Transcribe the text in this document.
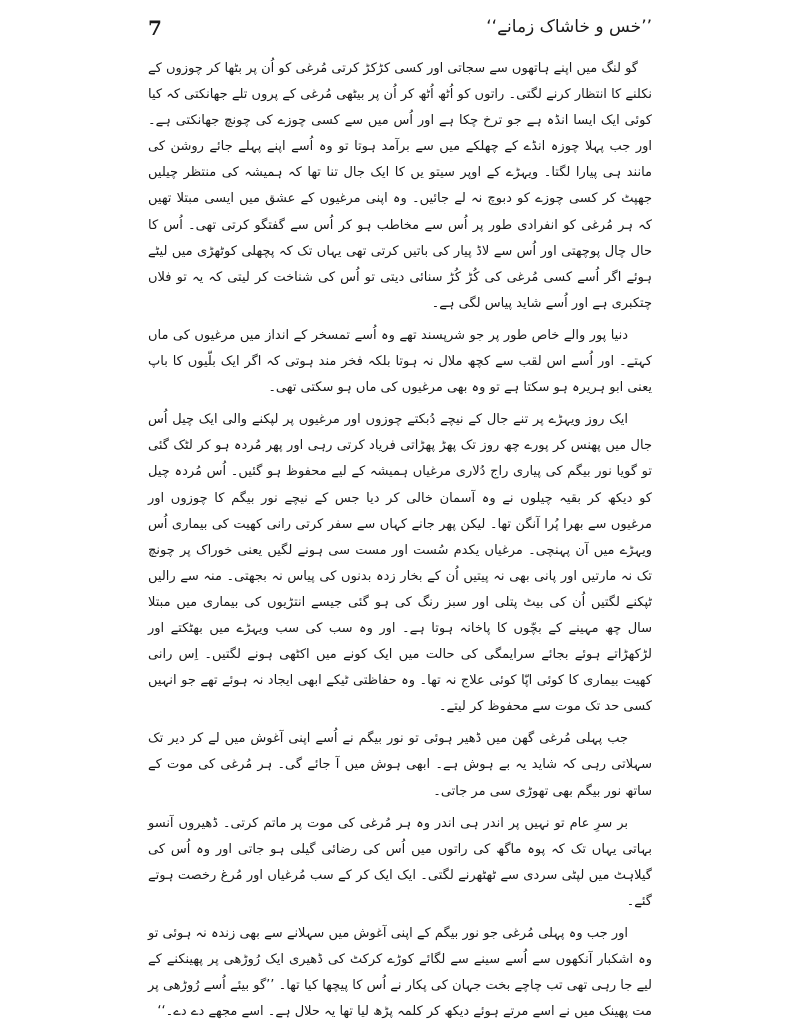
7	’’خس و خاشاک زمانے‘‘

گو لنگ میں اپنے ہاتھوں سے سجاتی اور کسی کڑکڑ کرتی مُرغی کو اُن پر بٹھا کر چوزوں کے نکلنے کا انتظار کرنے لگتی۔ راتوں کو اُٹھ اُٹھ کر اُن پر بیٹھی مُرغی کے پروں تلے جھانکتی کہ کیا کوئی ایک ایسا انڈہ ہے جو ترخ چکا ہے اور اُس میں سے کسی چوزے کی چونچ جھانکتی ہے۔ اور جب پہلا چوزہ انڈے کے چھلکے میں سے برآمد ہوتا تو وہ اُسے اپنے پہلے جائے روشن کی مانند ہی پیارا لگتا۔ ویہڑے کے اوپر سیتو یں کا ایک جال تنا تھا کہ ہمیشہ کی منتظر چیلیں جھپٹ کر کسی چوزے کو دبوچ نہ لے جائیں۔ وہ اپنی مرغیوں کے عشق میں ایسی مبتلا تھیں کہ ہر مُرغی کو انفرادی طور پر اُس سے مخاطب ہو کر اُس سے گفتگو کرتی تھی۔ اُس کا حال چال پوچھتی اور اُس سے لاڈ پیار کی باتیں کرتی تھی یہاں تک کہ پچھلی کوٹھڑی میں لیٹے ہوئے اگر اُسے کسی مُرغی کی کُڑ کُڑ سنائی دیتی تو اُس کی شناخت کر لیتی کہ یہ تو فلاں چتکبری ہے اور اُسے شاید پیاس لگی ہے۔

دنیا پور والے خاص طور پر جو شرپسند تھے وہ اُسے تمسخر کے انداز میں مرغیوں کی ماں کہتے۔ اور اُسے اس لقب سے کچھ ملال نہ ہوتا بلکہ فخر مند ہوتی کہ اگر ایک بلّیوں کا باپ یعنی ابو ہریرہ ہو سکتا ہے تو وہ بھی مرغیوں کی ماں ہو سکتی تھی۔

ایک روز ویہڑے پر تنے جال کے نیچے دُبکتے چوزوں اور مرغیوں پر لپکنے والی ایک چیل اُس جال میں پھنس کر پورے چھ روز تک پھڑ پھڑاتی فریاد کرتی رہی اور پھر مُردہ ہو کر لٹک گئی تو گویا نور بیگم کی پیاری راج دُلاری مرغیاں ہمیشہ کے لیے محفوظ ہو گئیں۔ اُس مُردہ چیل کو دیکھ کر بقیہ چیلوں نے وہ آسمان خالی کر دیا جس کے نیچے نور بیگم کا چوزوں اور مرغیوں سے بھرا پُرا آنگن تھا۔ لیکن پھر جانے کہاں سے سفر کرتی رانی کھیت کی بیماری اُس ویہڑے میں آن پہنچی۔ مرغیاں یکدم سُست اور مست سی ہونے لگیں یعنی خوراک پر چونچ تک نہ مارتیں اور پانی بھی نہ پیتیں اُن کے بخار زدہ بدنوں کی پیاس نہ بجھتی۔ منہ سے رالیں ٹپکنے لگتیں اُن کی بیٹ پتلی اور سبز رنگ کی ہو گئی جیسے انتڑیوں کی بیماری میں مبتلا سال چھ مہینے کے بچّوں کا پاخانہ ہوتا ہے۔ اور وہ سب کی سب ویہڑے میں بھٹکتے اور لڑکھڑاتے ہوئے بجائے سرایمگی کی حالت میں ایک کونے میں اکٹھی ہونے لگتیں۔ اِس رانی کھیت بیماری کا کوئی اپّا کوئی علاج نہ تھا۔ وہ حفاظتی ٹیکے ابھی ایجاد نہ ہوئے تھے جو انہیں کسی حد تک موت سے محفوظ کر لیتے۔

جب پہلی مُرغی گھن میں ڈھیر ہوئی تو نور بیگم نے اُسے اپنی آغوش میں لے کر دیر تک سہلاتی رہی کہ شاید یہ بے ہوش ہے۔ ابھی ہوش میں آ جائے گی۔ ہر مُرغی کی موت کے ساتھ نور بیگم بھی تھوڑی سی مر جاتی۔

بر سرِ عام تو نہیں پر اندر ہی اندر وہ ہر مُرغی کی موت پر ماتم کرتی۔ ڈھیروں آنسو بہاتی یہاں تک کہ پوہ ماگھ کی راتوں میں اُس کی رضائی گیلی ہو جاتی اور وہ اُس کی گیلاہٹ میں لپٹی سردی سے ٹھٹھرنے لگتی۔ ایک ایک کر کے سب مُرغیاں اور مُرغ رخصت ہوتے گئے۔

اور جب وہ پہلی مُرغی جو نور بیگم کے اپنی آغوش میں سہلانے سے بھی زندہ نہ ہوئی تو وہ اشکبار آنکھوں سے اُسے سینے سے لگائے کوڑے کرکٹ کی ڈھیری ایک رُوڑھی پر پھینکنے کے لیے جا رہی تھی تب چاچے بخت جہان کی پکار نے اُس کا پیچھا کیا تھا۔ ’’گو بیئے اُسے رُوڑھی پر مت پھینک میں نے اسے مرتے ہوئے دیکھ کر کلمہ پڑھ لیا تھا یہ حلال ہے۔ اسے مجھے دے دے۔‘‘
